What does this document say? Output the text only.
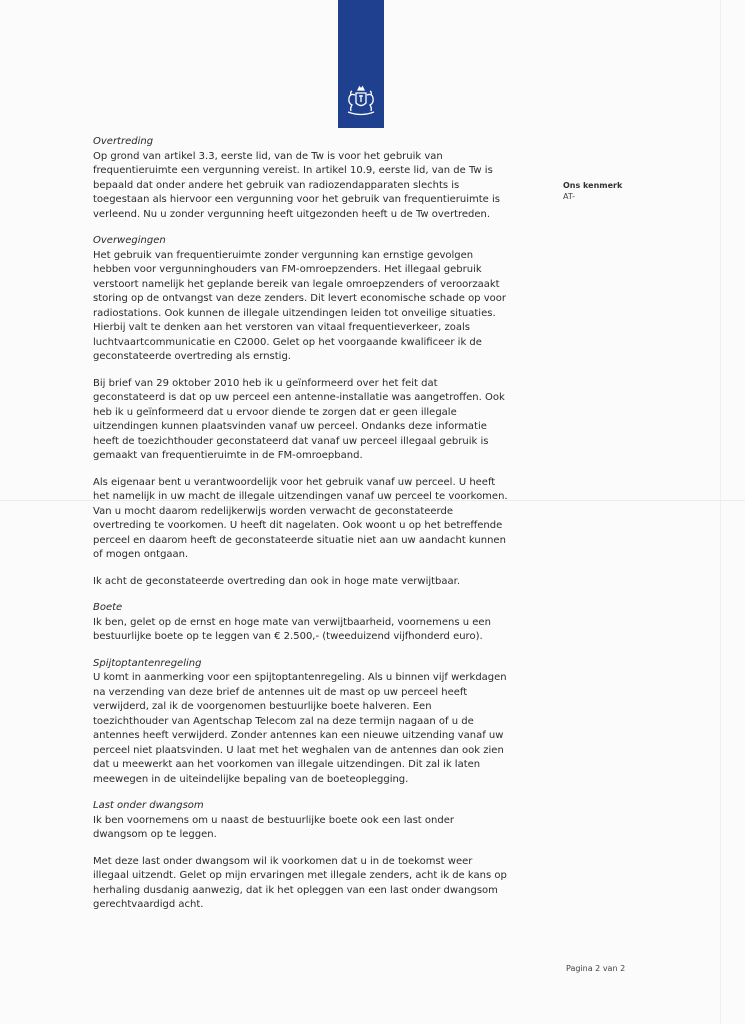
Ons kenmerk
AT-

Overtreding

Op grond van artikel 3.3, eerste lid, van de Tw is voor het gebruik van

frequentieruimte een vergunning vereist. In artikel 10.9, eerste lid, van de Tw is

bepaald dat onder andere het gebruik van radiozendapparaten slechts is

toegestaan als hiervoor een vergunning voor het gebruik van frequentieruimte is

verleend. Nu u zonder vergunning heeft uitgezonden heeft u de Tw overtreden.

Overwegingen

Het gebruik van frequentieruimte zonder vergunning kan ernstige gevolgen

hebben voor vergunninghouders van FM-omroepzenders. Het illegaal gebruik

verstoort namelijk het geplande bereik van legale omroepzenders of veroorzaakt

storing op de ontvangst van deze zenders. Dit levert economische schade op voor

radiostations. Ook kunnen de illegale uitzendingen leiden tot onveilige situaties.

Hierbij valt te denken aan het verstoren van vitaal frequentieverkeer, zoals

luchtvaartcommunicatie en C2000. Gelet op het voorgaande kwalificeer ik de

geconstateerde overtreding als ernstig.

Bij brief van 29 oktober 2010 heb ik u geïnformeerd over het feit dat

geconstateerd is dat op uw perceel een antenne-installatie was aangetroffen. Ook

heb ik u geïnformeerd dat u ervoor diende te zorgen dat er geen illegale

uitzendingen kunnen plaatsvinden vanaf uw perceel. Ondanks deze informatie

heeft de toezichthouder geconstateerd dat vanaf uw perceel illegaal gebruik is

gemaakt van frequentieruimte in de FM-omroepband.

Als eigenaar bent u verantwoordelijk voor het gebruik vanaf uw perceel. U heeft

het namelijk in uw macht de illegale uitzendingen vanaf uw perceel te voorkomen.

Van u mocht daarom redelijkerwijs worden verwacht de geconstateerde

overtreding te voorkomen. U heeft dit nagelaten. Ook woont u op het betreffende

perceel en daarom heeft de geconstateerde situatie niet aan uw aandacht kunnen

of mogen ontgaan.

Ik acht de geconstateerde overtreding dan ook in hoge mate verwijtbaar.

Boete

Ik ben, gelet op de ernst en hoge mate van verwijtbaarheid, voornemens u een

bestuurlijke boete op te leggen van € 2.500,- (tweeduizend vijfhonderd euro).

Spijtoptantenregeling

U komt in aanmerking voor een spijtoptantenregeling. Als u binnen vijf werkdagen

na verzending van deze brief de antennes uit de mast op uw perceel heeft

verwijderd, zal ik de voorgenomen bestuurlijke boete halveren. Een

toezichthouder van Agentschap Telecom zal na deze termijn nagaan of u de

antennes heeft verwijderd. Zonder antennes kan een nieuwe uitzending vanaf uw

perceel niet plaatsvinden. U laat met het weghalen van de antennes dan ook zien

dat u meewerkt aan het voorkomen van illegale uitzendingen. Dit zal ik laten

meewegen in de uiteindelijke bepaling van de boeteoplegging.

Last onder dwangsom

Ik ben voornemens om u naast de bestuurlijke boete ook een last onder

dwangsom op te leggen.

Met deze last onder dwangsom wil ik voorkomen dat u in de toekomst weer

illegaal uitzendt. Gelet op mijn ervaringen met illegale zenders, acht ik de kans op

herhaling dusdanig aanwezig, dat ik het opleggen van een last onder dwangsom

gerechtvaardigd acht.

Pagina 2 van 2
